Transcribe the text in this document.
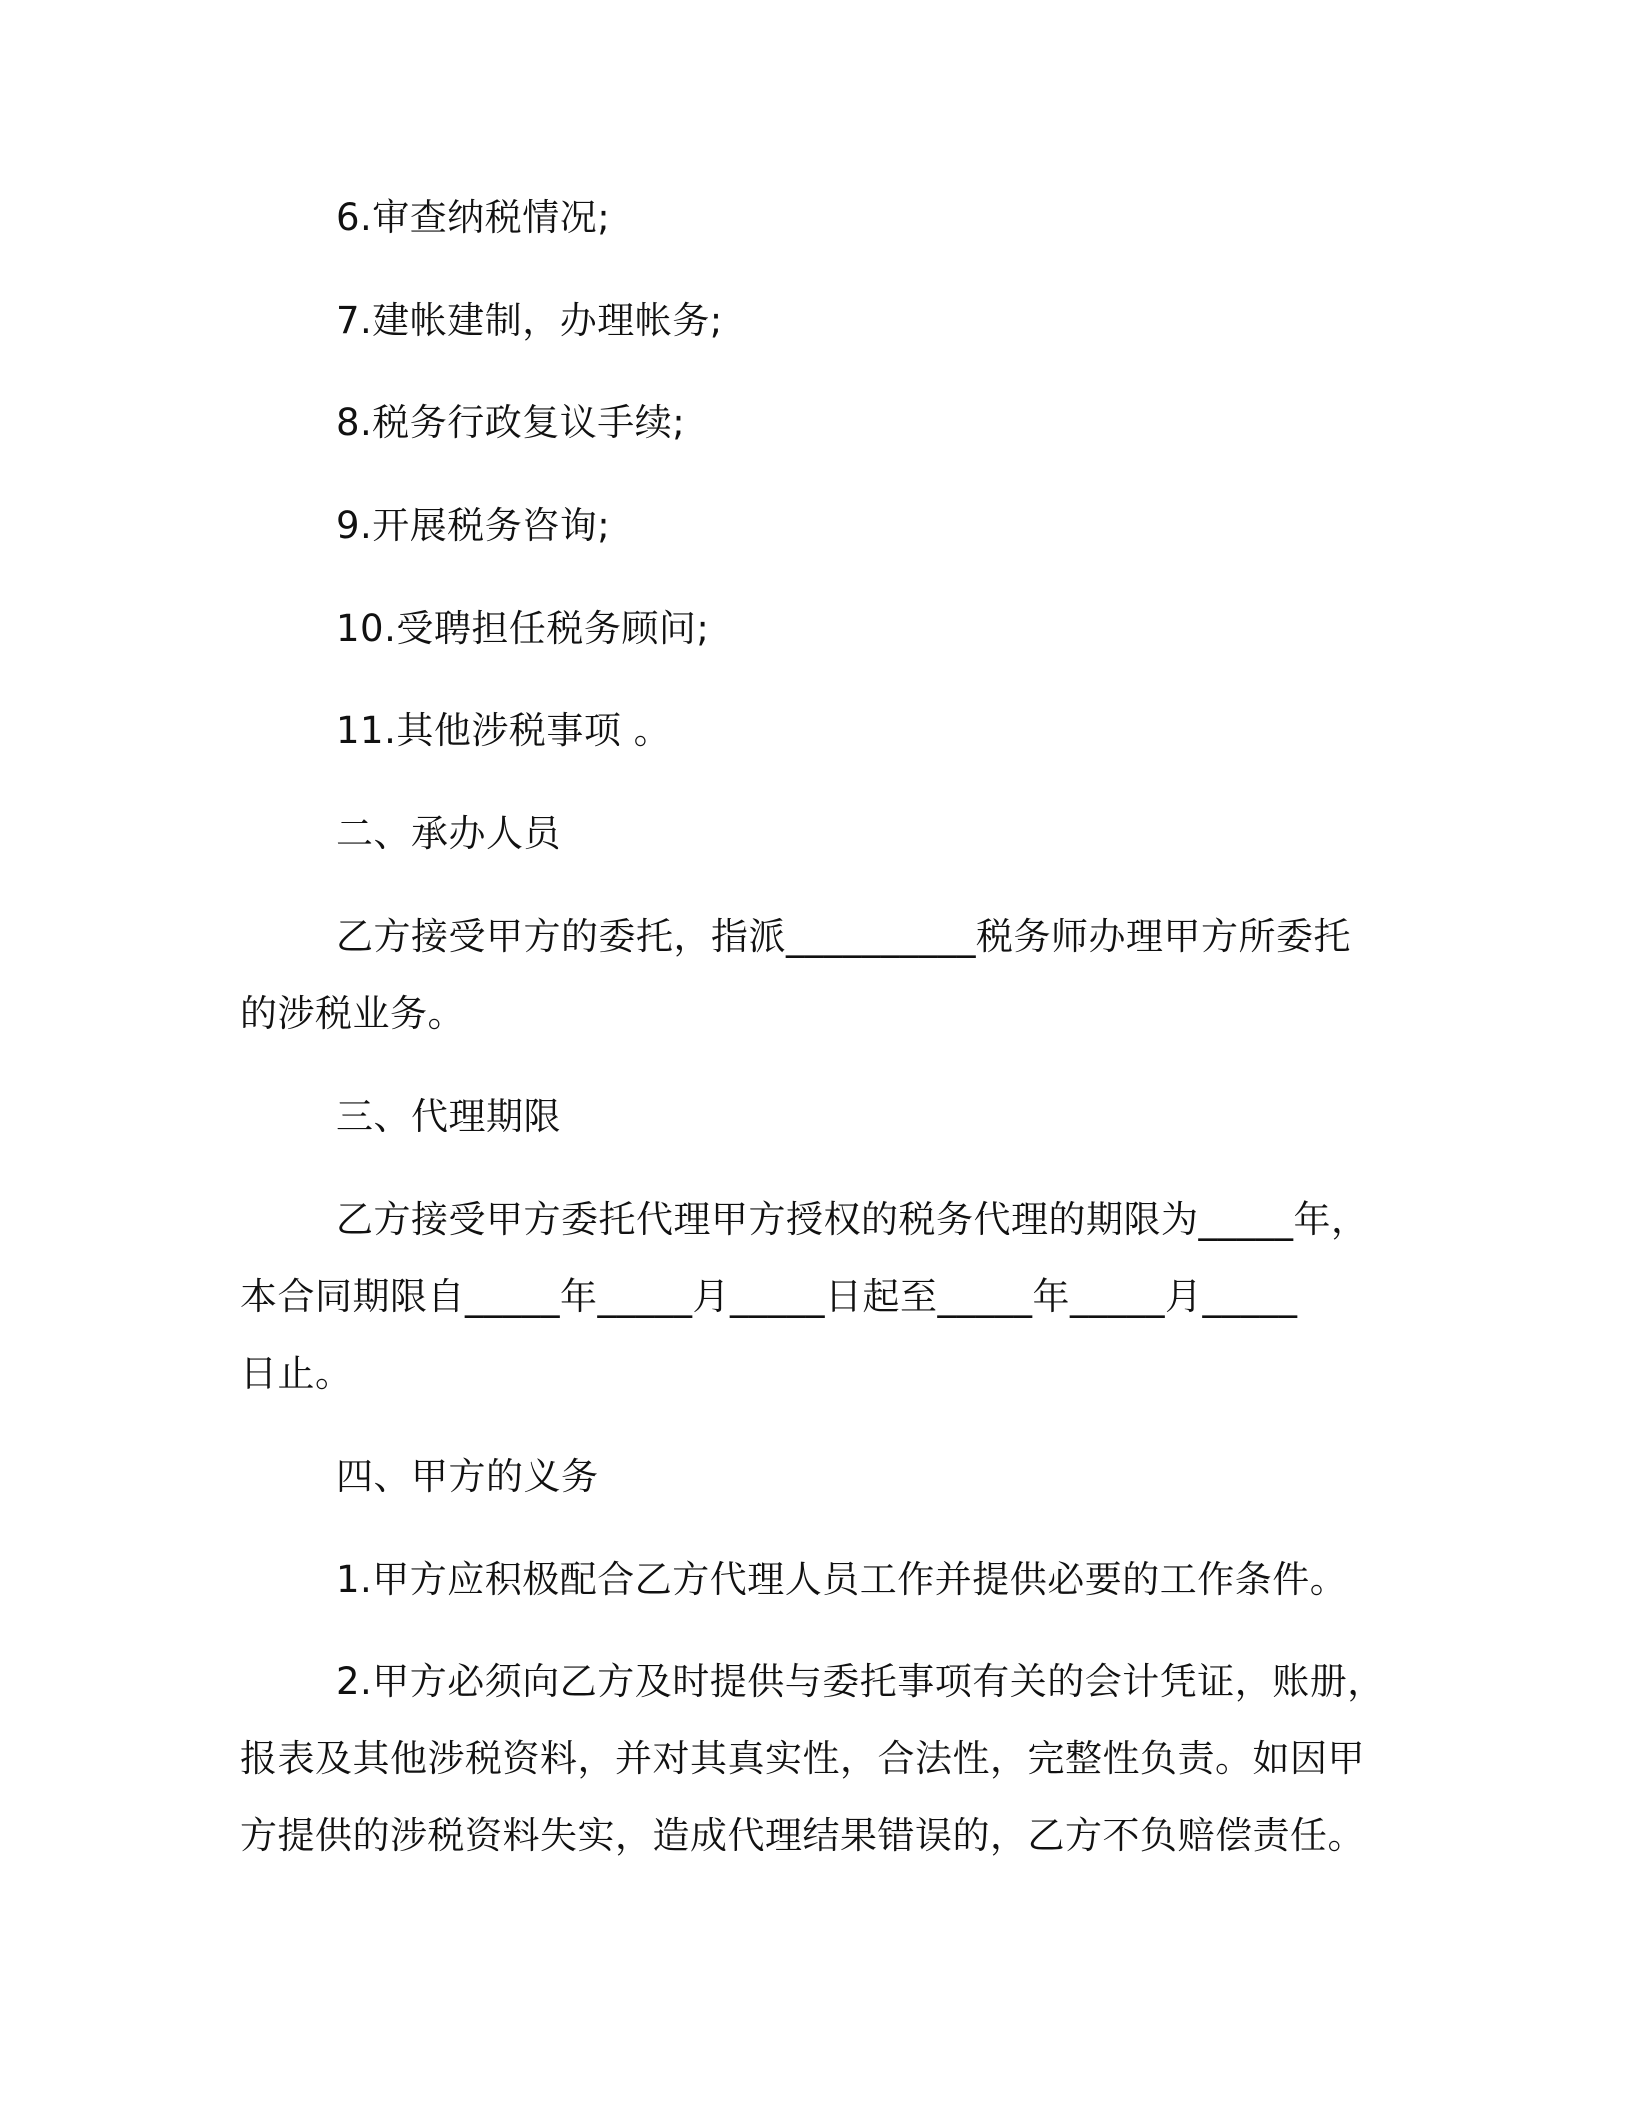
6.审查纳税情况;
7.建帐建制，办理帐务;
8.税务行政复议手续;
9.开展税务咨询;
10.受聘担任税务顾问;
11.其他涉税事项 。
二、承办人员
乙方接受甲方的委托，指派__________税务师办理甲方所委托
的涉税业务。
三、代理期限
乙方接受甲方委托代理甲方授权的税务代理的期限为_____年，
本合同期限自_____年_____月_____日起至_____年_____月_____
日止。
四、甲方的义务
1.甲方应积极配合乙方代理人员工作并提供必要的工作条件。
2.甲方必须向乙方及时提供与委托事项有关的会计凭证，账册，
报表及其他涉税资料，并对其真实性，合法性，完整性负责。如因甲
方提供的涉税资料失实，造成代理结果错误的，乙方不负赔偿责任。
